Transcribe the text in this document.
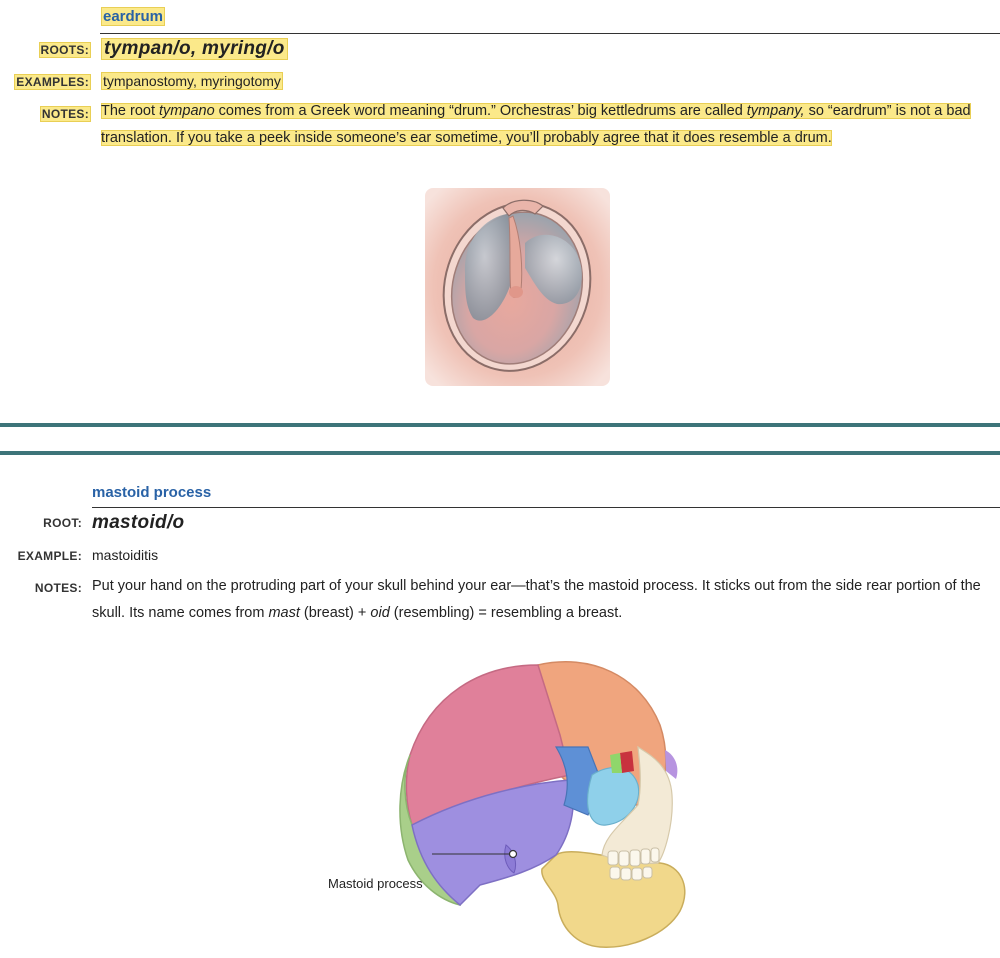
eardrum
ROOTS: tympan/o, myring/o
EXAMPLES: tympanostomy, myringotomy
NOTES: The root tympano comes from a Greek word meaning “drum.” Orchestras’ big kettledrums are called tympany, so “eardrum” is not a bad translation. If you take a peek inside someone’s ear sometime, you’ll probably agree that it does resemble a drum.
mastoid process
ROOT: mastoid/o
EXAMPLE: mastoiditis
NOTES: Put your hand on the protruding part of your skull behind your ear—that’s the mastoid process. It sticks out from the side rear portion of the skull. Its name comes from mast (breast) + oid (resembling) = resembling a breast.
Mastoid process
